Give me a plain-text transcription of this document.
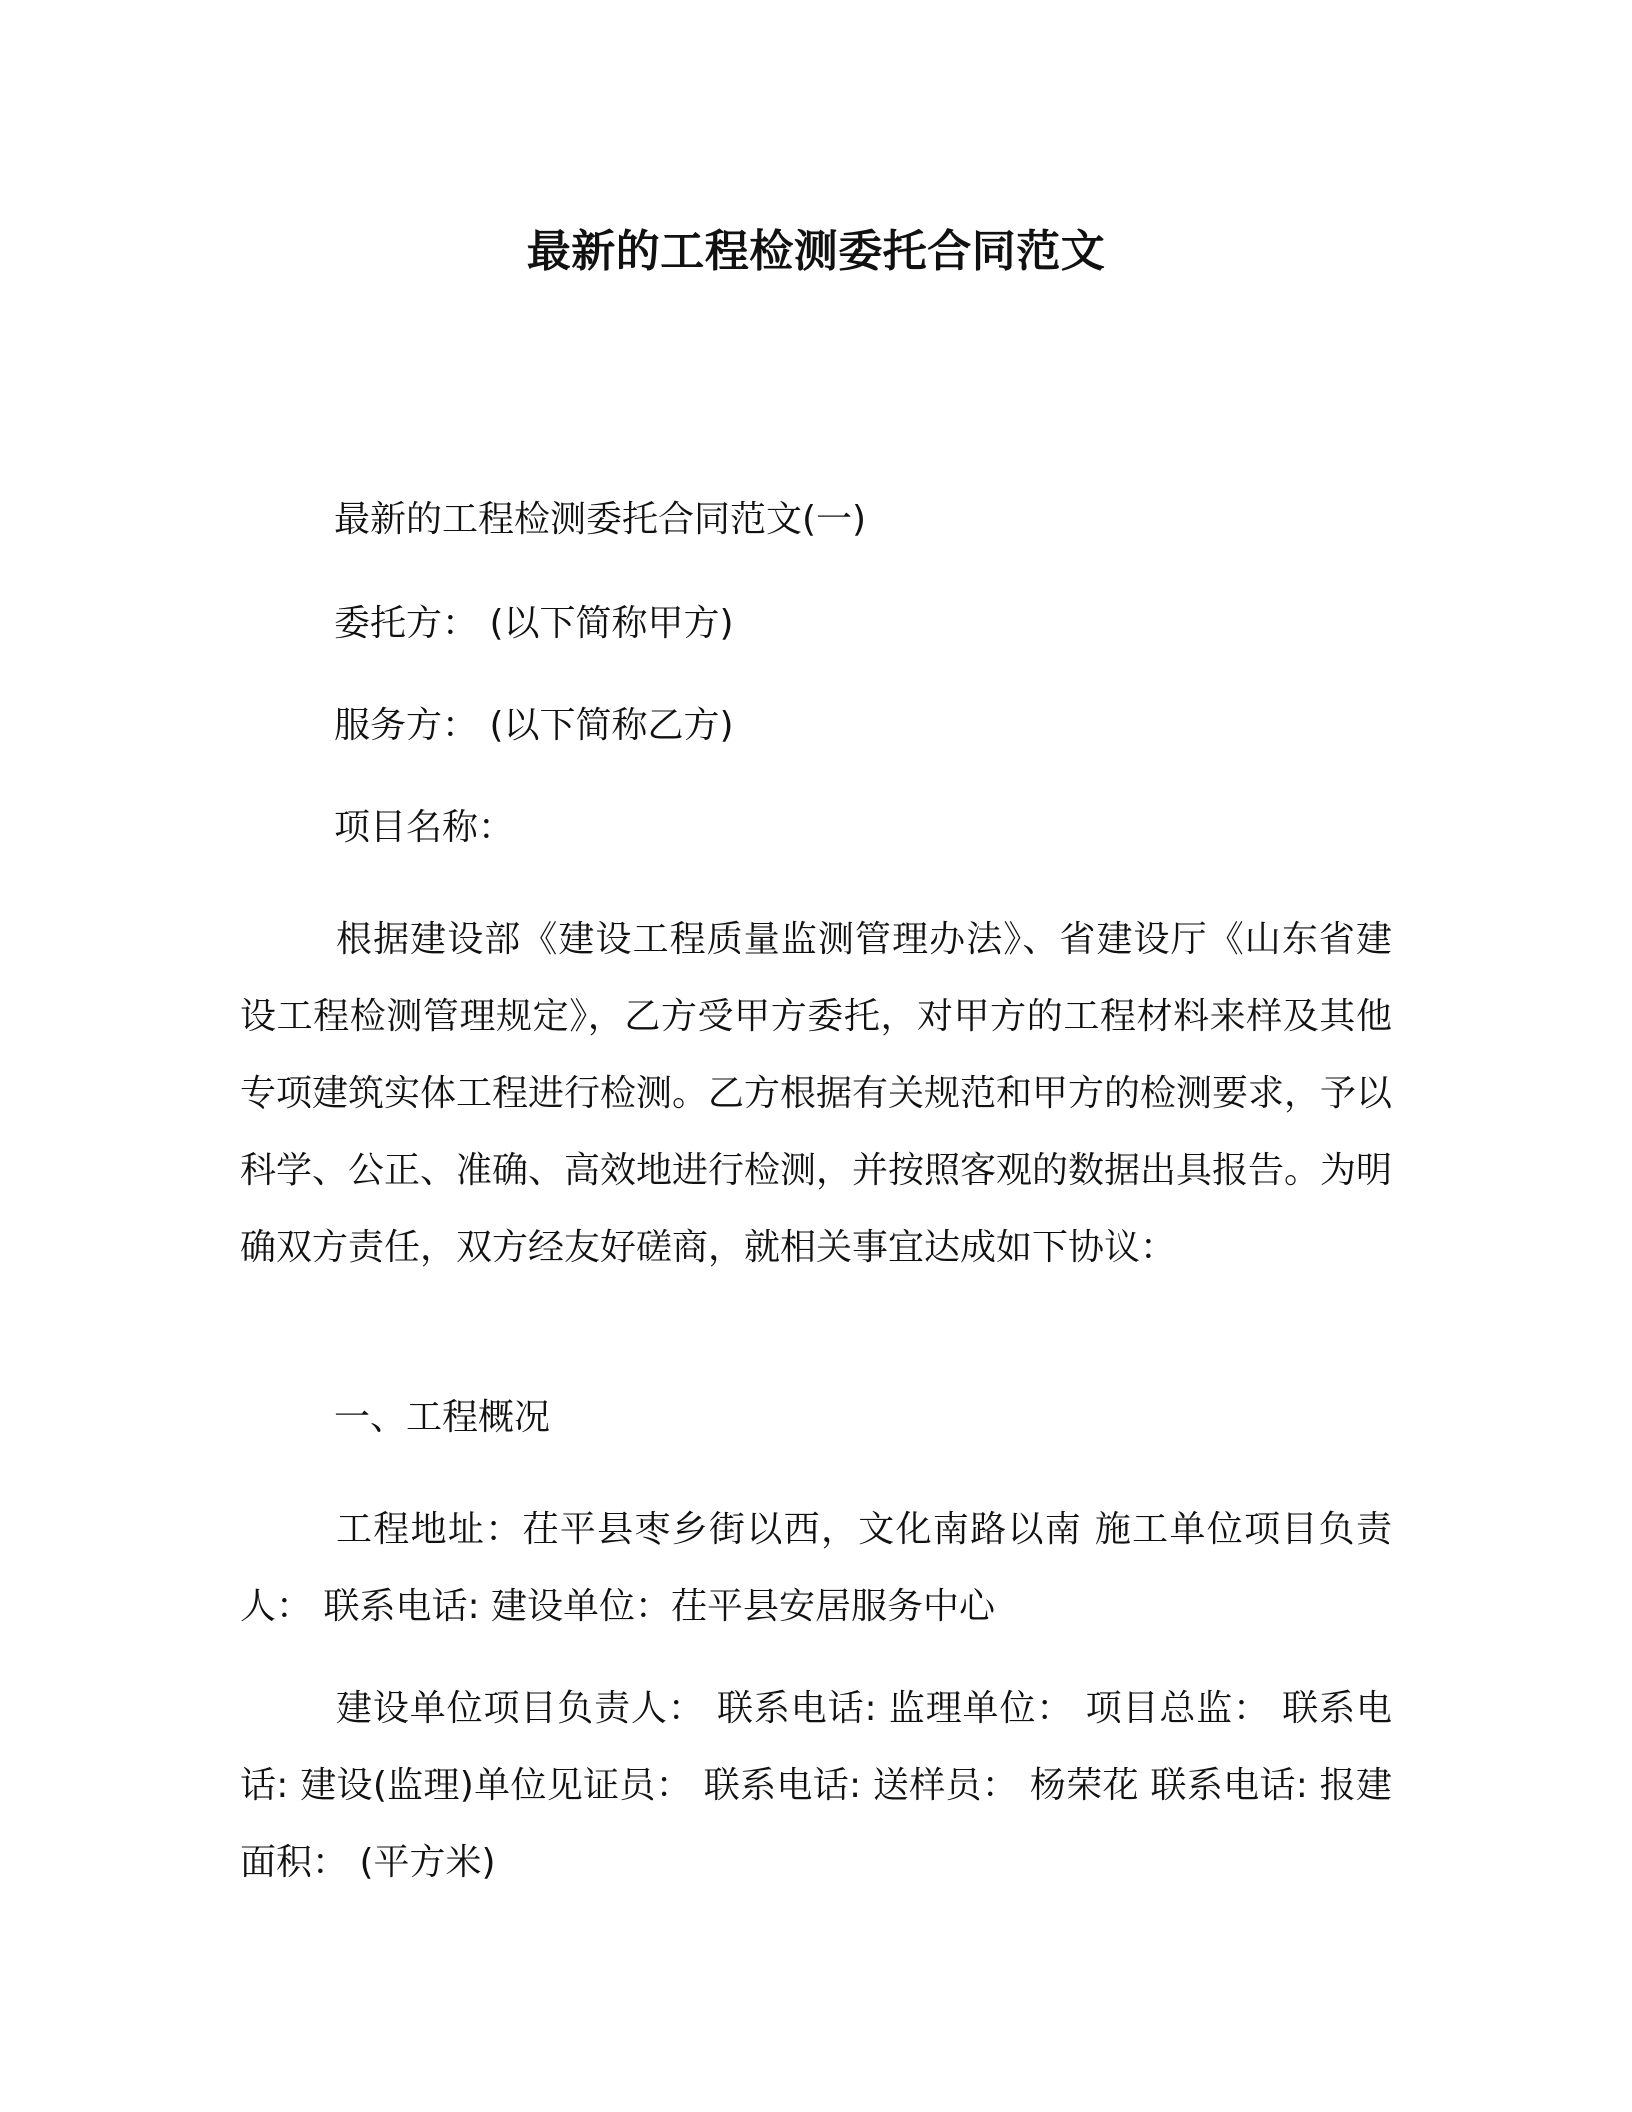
最新的工程检测委托合同范文
最新的工程检测委托合同范文(一)
委托方： (以下简称甲方)
服务方： (以下简称乙方)
项目名称：
根据建设部《建设工程质量监测管理办法》、省建设厅《山东省建设工程检测管理规定》，乙方受甲方委托，对甲方的工程材料来样及其他专项建筑实体工程进行检测。乙方根据有关规范和甲方的检测要求，予以科学、公正、准确、高效地进行检测，并按照客观的数据出具报告。为明确双方责任，双方经友好磋商，就相关事宜达成如下协议：
一、工程概况
工程地址：茌平县枣乡街以西，文化南路以南 施工单位项目负责人： 联系电话: 建设单位：茌平县安居服务中心
建设单位项目负责人： 联系电话: 监理单位： 项目总监： 联系电话: 建设(监理)单位见证员： 联系电话: 送样员： 杨荣花 联系电话: 报建面积： (平方米)
